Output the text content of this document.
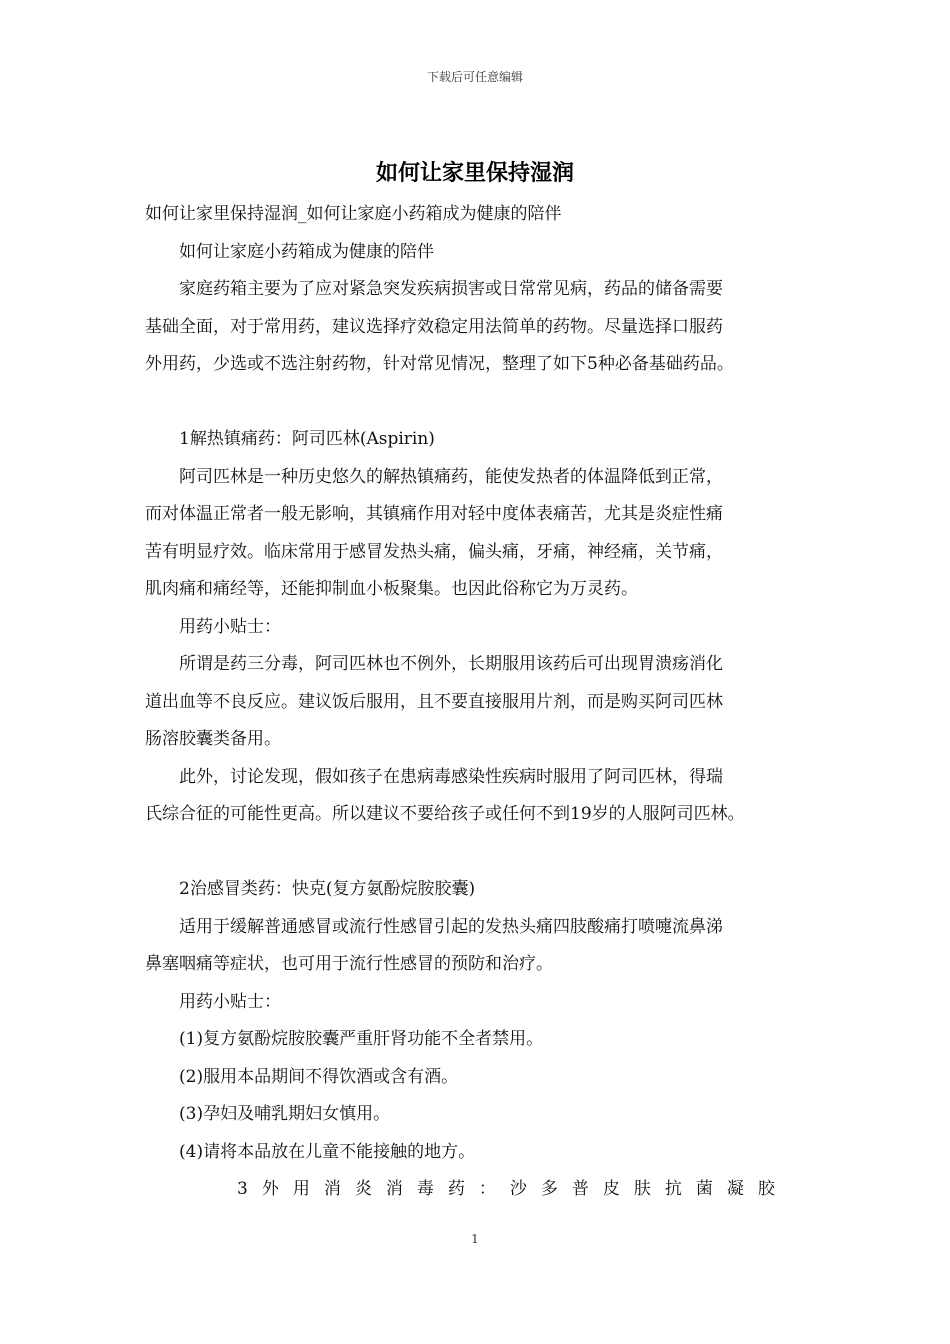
下载后可任意编辑
如何让家里保持湿润

如何让家里保持湿润_如何让家庭小药箱成为健康的陪伴

如何让家庭小药箱成为健康的陪伴

家庭药箱主要为了应对紧急突发疾病损害或日常常见病，药品的储备需要

基础全面，对于常用药，建议选择疗效稳定用法简单的药物。尽量选择口服药

外用药，少选或不选注射药物，针对常见情况，整理了如下5种必备基础药品。

1解热镇痛药：阿司匹林(Aspirin)

阿司匹林是一种历史悠久的解热镇痛药，能使发热者的体温降低到正常，

而对体温正常者一般无影响，其镇痛作用对轻中度体表痛苦，尤其是炎症性痛

苦有明显疗效。临床常用于感冒发热头痛，偏头痛，牙痛，神经痛，关节痛，

肌肉痛和痛经等，还能抑制血小板聚集。也因此俗称它为万灵药。

用药小贴士：

所谓是药三分毒，阿司匹林也不例外，长期服用该药后可出现胃溃疡消化

道出血等不良反应。建议饭后服用，且不要直接服用片剂，而是购买阿司匹林

肠溶胶囊类备用。

此外，讨论发现，假如孩子在患病毒感染性疾病时服用了阿司匹林，得瑞

氏综合征的可能性更高。所以建议不要给孩子或任何不到19岁的人服阿司匹林。

2治感冒类药：快克(复方氨酚烷胺胶囊)

适用于缓解普通感冒或流行性感冒引起的发热头痛四肢酸痛打喷嚏流鼻涕

鼻塞咽痛等症状，也可用于流行性感冒的预防和治疗。

用药小贴士：

(1)复方氨酚烷胺胶囊严重肝肾功能不全者禁用。

(2)服用本品期间不得饮酒或含有酒。

(3)孕妇及哺乳期妇女慎用。

(4)请将本品放在儿童不能接触的地方。

3外用消炎消毒药：沙多普皮肤抗菌凝胶

1
